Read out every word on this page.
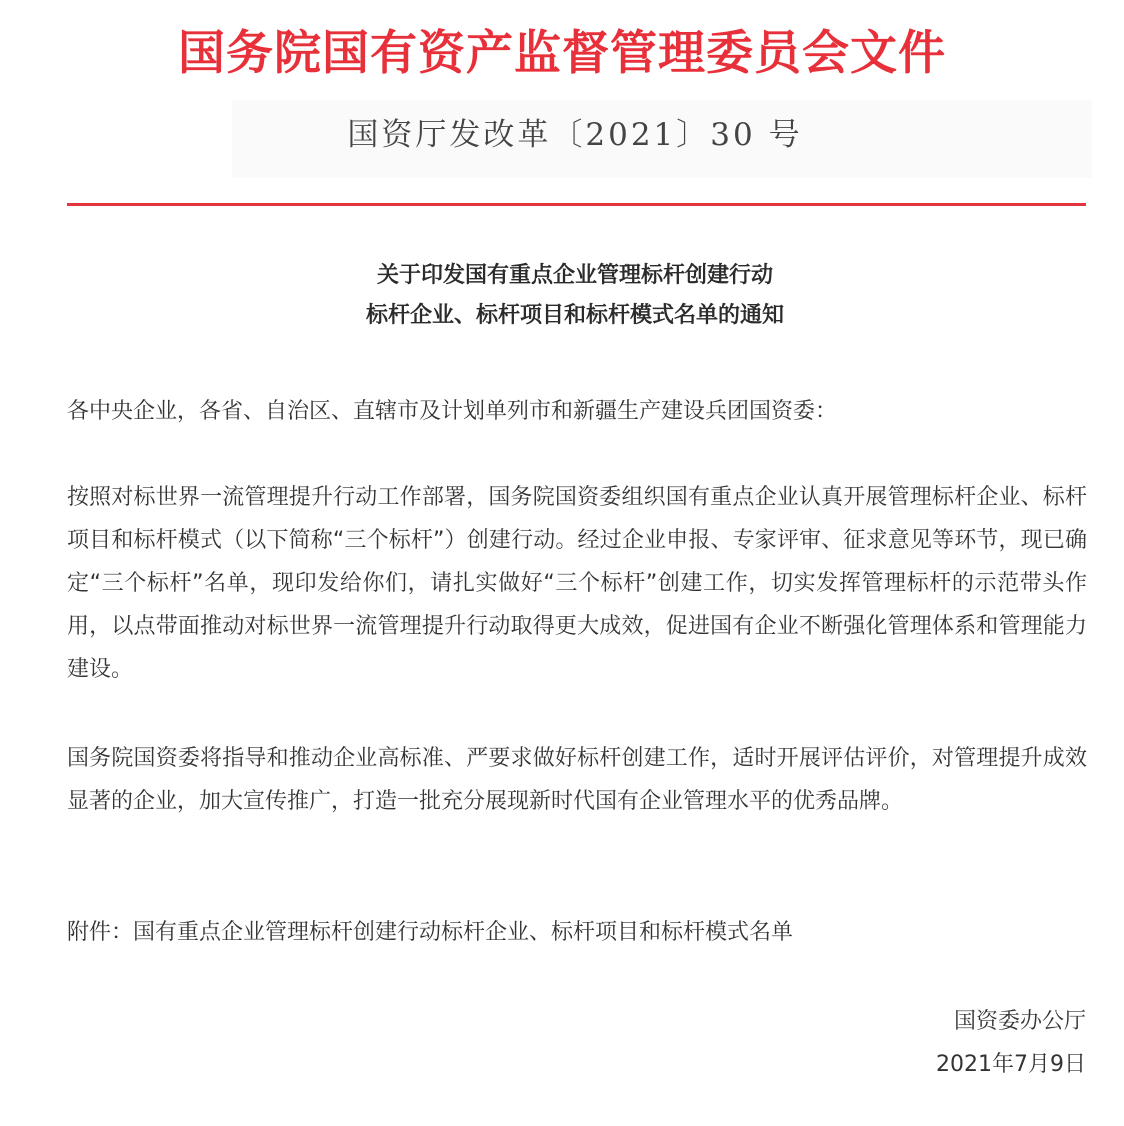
国务院国有资产监督管理委员会文件
国资厅发改革〔2021〕30 号
关于印发国有重点企业管理标杆创建行动
标杆企业、标杆项目和标杆模式名单的通知

各中央企业，各省、自治区、直辖市及计划单列市和新疆生产建设兵团国资委：

按照对标世界一流管理提升行动工作部署，国务院国资委组织国有重点企业认真开展管理标杆企业、标杆项目和标杆模式（以下简称“三个标杆”）创建行动。经过企业申报、专家评审、征求意见等环节，现已确定“三个标杆”名单，现印发给你们，请扎实做好“三个标杆”创建工作，切实发挥管理标杆的示范带头作用，以点带面推动对标世界一流管理提升行动取得更大成效，促进国有企业不断强化管理体系和管理能力建设。

国务院国资委将指导和推动企业高标准、严要求做好标杆创建工作，适时开展评估评价，对管理提升成效显著的企业，加大宣传推广，打造一批充分展现新时代国有企业管理水平的优秀品牌。

附件：国有重点企业管理标杆创建行动标杆企业、标杆项目和标杆模式名单

国资委办公厅
2021年7月9日
